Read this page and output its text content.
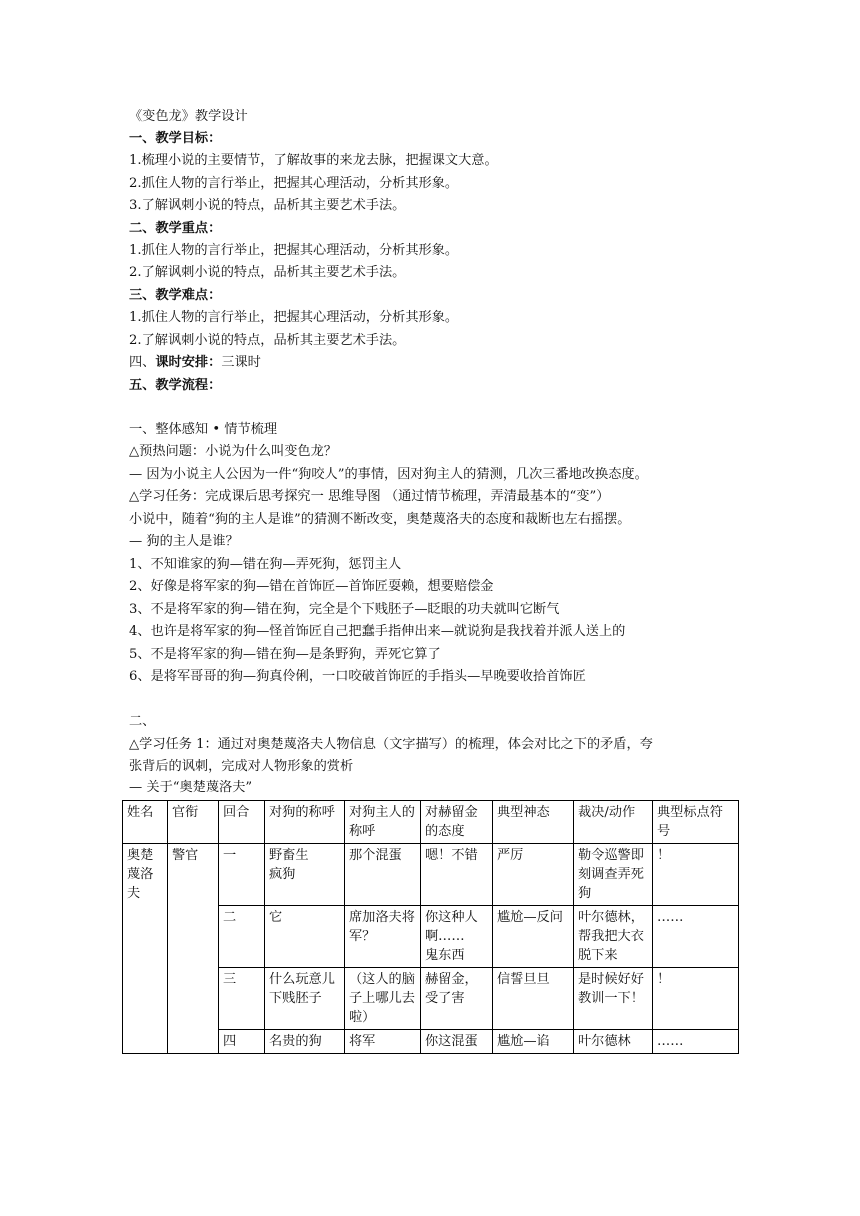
《变色龙》教学设计
一、教学目标：
1.梳理小说的主要情节，了解故事的来龙去脉，把握课文大意。
2.抓住人物的言行举止，把握其心理活动，分析其形象。
3.了解讽刺小说的特点，品析其主要艺术手法。
二、教学重点：
1.抓住人物的言行举止，把握其心理活动，分析其形象。
2.了解讽刺小说的特点，品析其主要艺术手法。
三、教学难点：
1.抓住人物的言行举止，把握其心理活动，分析其形象。
2.了解讽刺小说的特点，品析其主要艺术手法。
四、课时安排：三课时
五、教学流程：
一、整体感知 • 情节梳理
△预热问题：小说为什么叫变色龙？
— 因为小说主人公因为一件“狗咬人”的事情，因对狗主人的猜测，几次三番地改换态度。
△学习任务：完成课后思考探究一 思维导图 （通过情节梳理，弄清最基本的“变”）
小说中，随着“狗的主人是谁”的猜测不断改变，奥楚蔑洛夫的态度和裁断也左右摇摆。
— 狗的主人是谁？
1、不知谁家的狗—错在狗—弄死狗，惩罚主人
2、好像是将军家的狗—错在首饰匠—首饰匠耍赖，想要赔偿金
3、不是将军家的狗—错在狗，完全是个下贱胚子—眨眼的功夫就叫它断气
4、也许是将军家的狗—怪首饰匠自己把蠢手指伸出来—就说狗是我找着并派人送上的
5、不是将军家的狗—错在狗—是条野狗，弄死它算了
6、是将军哥哥的狗—狗真伶俐，一口咬破首饰匠的手指头—早晚要收拾首饰匠
二、
△学习任务 1：通过对奥楚蔑洛夫人物信息（文字描写）的梳理，体会对比之下的矛盾，夸
张背后的讽刺，完成对人物形象的赏析
— 关于“奥楚蔑洛夫”
姓名	官衔	回合	对狗的称呼	对狗主人的称呼	对赫留金的态度	典型神态	裁决/动作	典型标点符号
奥楚蔑洛夫	警官	一	野畜生
疯狗	那个混蛋	嗯！不错	严厉	勒令巡警即刻调查弄死狗	！
		二	它	席加洛夫将军？	你这种人啊……
鬼东西	尴尬—反问	叶尔德林，帮我把大衣脱下来	……
		三	什么玩意儿
下贱胚子	（这人的脑子上哪儿去啦）	赫留金，受了害	信誓旦旦	是时候好好教训一下！	！
		四	名贵的狗	将军	你这混蛋	尴尬—谄	叶尔德林	……
